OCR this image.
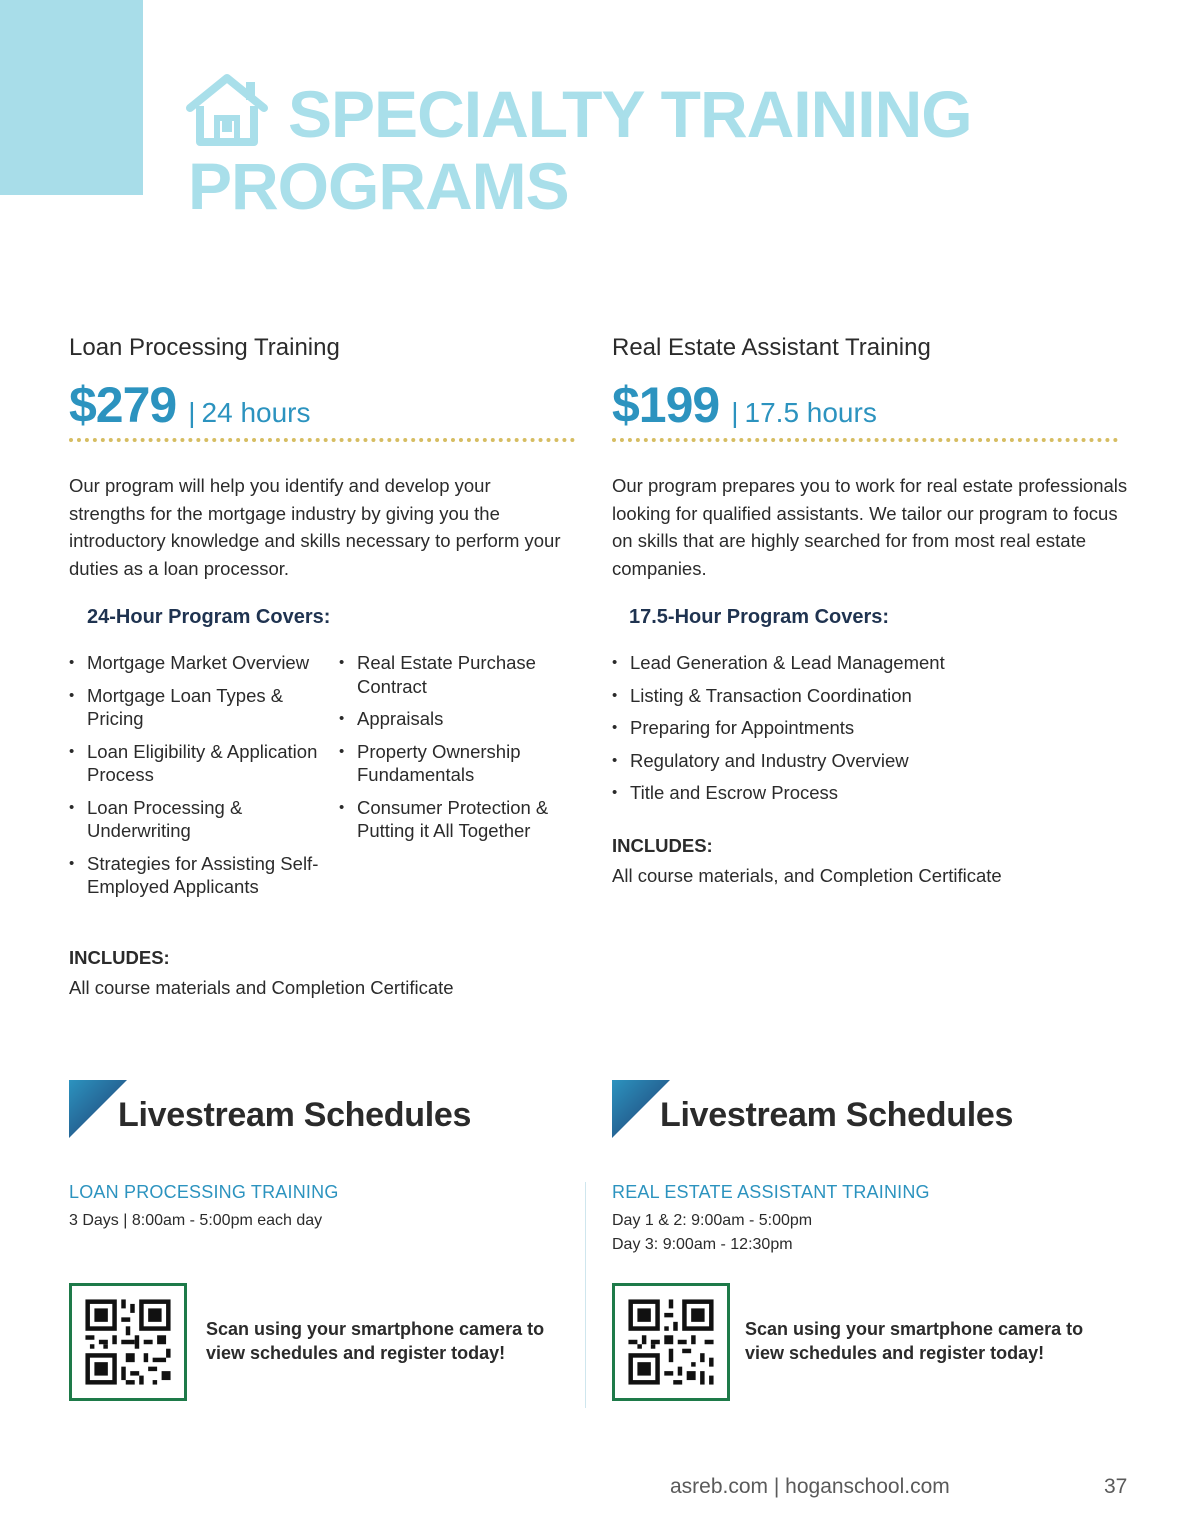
SPECIALTY TRAINING
PROGRAMS
Loan Processing Training
$279 | 24 hours

Our program will help you identify and develop your strengths for the mortgage industry by giving you the introductory knowledge and skills necessary to perform your duties as a loan processor.

24-Hour Program Covers:
• Mortgage Market Overview
• Mortgage Loan Types & Pricing
• Loan Eligibility & Application Process
• Loan Processing & Underwriting
• Strategies for Assisting Self-Employed Applicants
• Real Estate Purchase Contract
• Appraisals
• Property Ownership Fundamentals
• Consumer Protection & Putting it All Together

INCLUDES:

All course materials and Completion Certificate

Real Estate Assistant Training
$199 | 17.5 hours

Our program prepares you to work for real estate professionals looking for qualified assistants. We tailor our program to focus on skills that are highly searched for from most real estate companies.

17.5-Hour Program Covers:
• Lead Generation & Lead Management
• Listing & Transaction Coordination
• Preparing for Appointments
• Regulatory and Industry Overview
• Title and Escrow Process

INCLUDES:

All course materials, and Completion Certificate

Livestream Schedules

LOAN PROCESSING TRAINING

3 Days | 8:00am - 5:00pm each day

Scan using your smartphone camera to view schedules and register today!

Livestream Schedules

REAL ESTATE ASSISTANT TRAINING

Day 1 & 2: 9:00am - 5:00pm

Day 3: 9:00am - 12:30pm

Scan using your smartphone camera to view schedules and register today!

asreb.com | hoganschool.com	37
